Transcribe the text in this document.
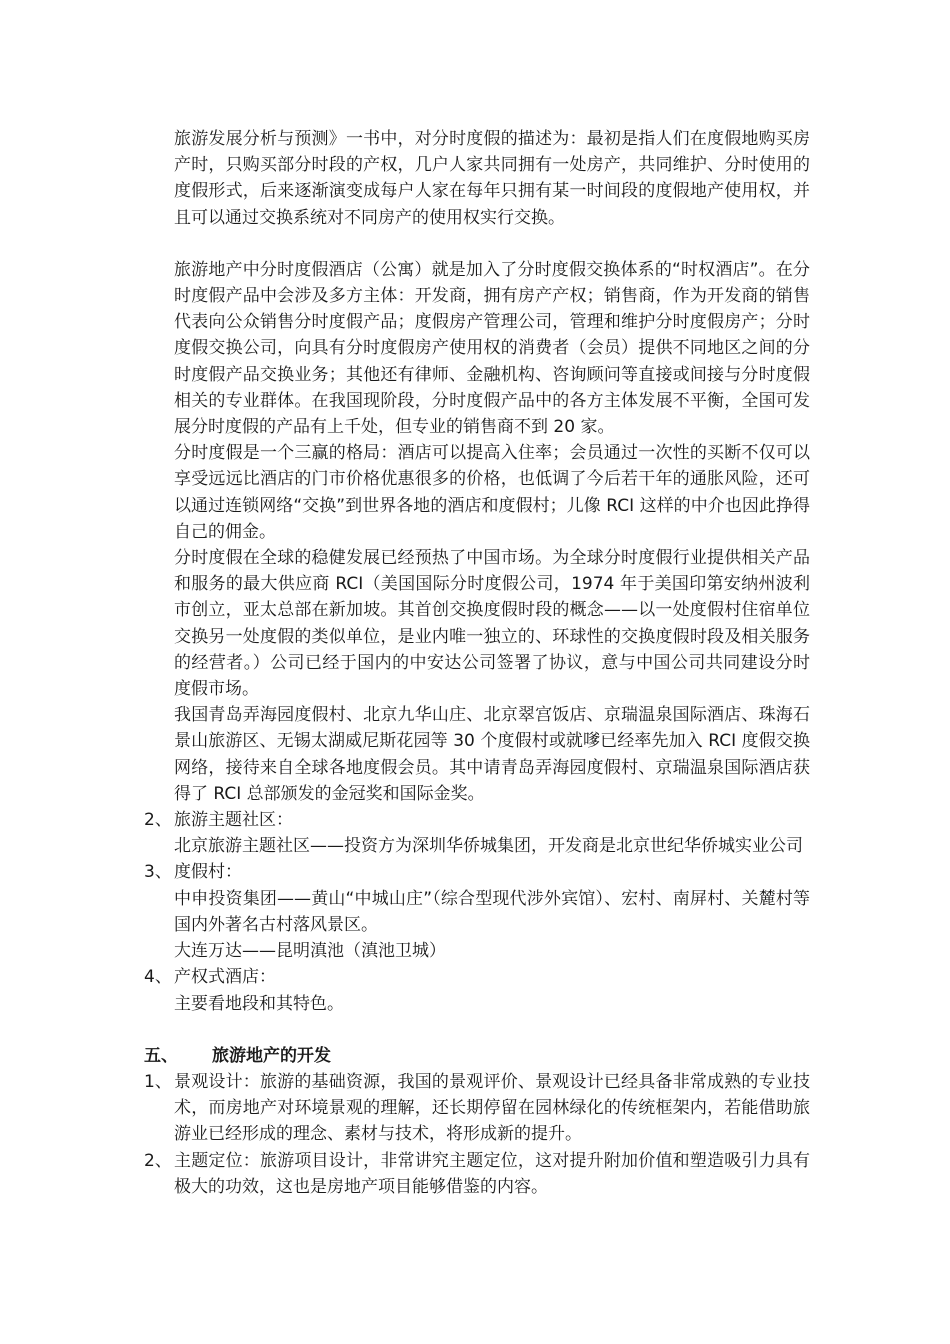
旅游发展分析与预测》一书中，对分时度假的描述为：最初是指人们在度假地购买房产时，只购买部分时段的产权，几户人家共同拥有一处房产，共同维护、分时使用的度假形式，后来逐渐演变成每户人家在每年只拥有某一时间段的度假地产使用权，并且可以通过交换系统对不同房产的使用权实行交换。

旅游地产中分时度假酒店（公寓）就是加入了分时度假交换体系的“时权酒店”。在分时度假产品中会涉及多方主体：开发商，拥有房产产权；销售商，作为开发商的销售代表向公众销售分时度假产品；度假房产管理公司，管理和维护分时度假房产；分时度假交换公司，向具有分时度假房产使用权的消费者（会员）提供不同地区之间的分时度假产品交换业务；其他还有律师、金融机构、咨询顾问等直接或间接与分时度假相关的专业群体。在我国现阶段，分时度假产品中的各方主体发展不平衡，全国可发展分时度假的产品有上千处，但专业的销售商不到 20 家。

分时度假是一个三赢的格局：酒店可以提高入住率；会员通过一次性的买断不仅可以享受远远比酒店的门市价格优惠很多的价格，也低调了今后若干年的通胀风险，还可以通过连锁网络“交换”到世界各地的酒店和度假村；儿像 RCI 这样的中介也因此挣得自己的佣金。

分时度假在全球的稳健发展已经预热了中国市场。为全球分时度假行业提供相关产品和服务的最大供应商 RCI（美国国际分时度假公司，1974 年于美国印第安纳州波利市创立，亚太总部在新加坡。其首创交换度假时段的概念——以一处度假村住宿单位交换另一处度假的类似单位，是业内唯一独立的、环球性的交换度假时段及相关服务的经营者。）公司已经于国内的中安达公司签署了协议，意与中国公司共同建设分时度假市场。

我国青岛弄海园度假村、北京九华山庄、北京翠宫饭店、京瑞温泉国际酒店、珠海石景山旅游区、无锡太湖威尼斯花园等 30 个度假村或就嗲已经率先加入 RCI 度假交换网络，接待来自全球各地度假会员。其中请青岛弄海园度假村、京瑞温泉国际酒店获得了 RCI 总部颁发的金冠奖和国际金奖。

2、 旅游主题社区：

北京旅游主题社区——投资方为深圳华侨城集团，开发商是北京世纪华侨城实业公司

3、 度假村：

中申投资集团——黄山“中城山庄”（综合型现代涉外宾馆）、宏村、南屏村、关麓村等国内外著名古村落风景区。

大连万达——昆明滇池（滇池卫城）

4、 产权式酒店：

主要看地段和其特色。

五、 旅游地产的开发
1、 景观设计：旅游的基础资源，我国的景观评价、景观设计已经具备非常成熟的专业技术，而房地产对环境景观的理解，还长期停留在园林绿化的传统框架内，若能借助旅游业已经形成的理念、素材与技术，将形成新的提升。

2、 主题定位：旅游项目设计，非常讲究主题定位，这对提升附加价值和塑造吸引力具有极大的功效，这也是房地产项目能够借鉴的内容。
